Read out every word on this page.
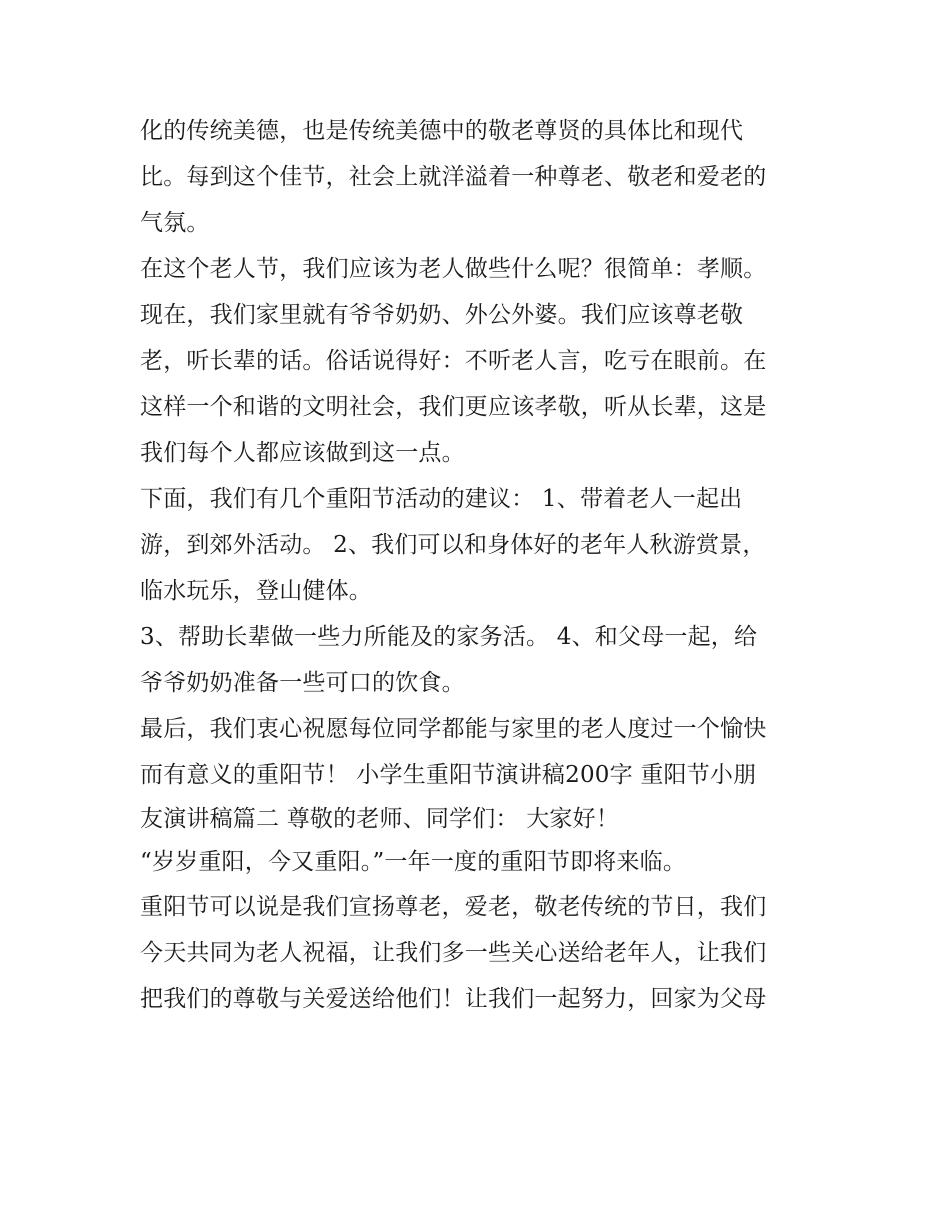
化的传统美德，也是传统美德中的敬老尊贤的具体比和现代
比。每到这个佳节，社会上就洋溢着一种尊老、敬老和爱老的
气氛。
在这个老人节，我们应该为老人做些什么呢？很简单：孝顺。
现在，我们家里就有爷爷奶奶、外公外婆。我们应该尊老敬
老，听长辈的话。俗话说得好：不听老人言，吃亏在眼前。在
这样一个和谐的文明社会，我们更应该孝敬，听从长辈，这是
我们每个人都应该做到这一点。
下面，我们有几个重阳节活动的建议： 1、带着老人一起出
游，到郊外活动。 2、我们可以和身体好的老年人秋游赏景，
临水玩乐，登山健体。
3、帮助长辈做一些力所能及的家务活。 4、和父母一起，给
爷爷奶奶准备一些可口的饮食。
最后，我们衷心祝愿每位同学都能与家里的老人度过一个愉快
而有意义的重阳节！ 小学生重阳节演讲稿200字 重阳节小朋
友演讲稿篇二 尊敬的老师、同学们： 大家好！
“岁岁重阳，今又重阳。”一年一度的重阳节即将来临。
重阳节可以说是我们宣扬尊老，爱老，敬老传统的节日，我们
今天共同为老人祝福，让我们多一些关心送给老年人，让我们
把我们的尊敬与关爱送给他们！让我们一起努力，回家为父母
